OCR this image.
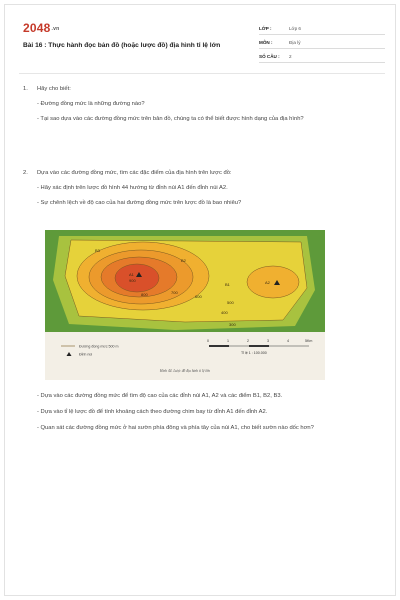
2048.vn
Bài 16 : Thực hành đọc bản đồ (hoặc lược đồ) địa hình tỉ lệ lớn
LỚP :	Lớp 6
MÔN :	Địa lý
SỐ CÂU : 2
1. Hãy cho biết:
- Đường đồng mức là những đường nào?
- Tại sao dựa vào các đường đồng mức trên bản đồ, chúng ta có thể biết được hình dạng của địa hình?
2. Dựa vào các đường đồng mức, tìm các đặc điểm của địa hình trên lược đồ:
- Hãy xác định trên lược đồ hình 44 hướng từ đỉnh núi A1 đến đỉnh núi A2.
- Sự chênh lệch về độ cao của hai đường đồng mức trên lược đồ là bao nhiêu?
A1
A2
B3
B2
B1
900
800	700
600
500
400
300
Đường đồng mức 500 m
Đỉnh núi
0	1	2	3	4	5Km
Tỉ lệ 1 : 100.000
Hình 44. Lược đồ địa hình tỉ lệ lớn
- Dựa vào các đường đồng mức để tìm độ cao của các đỉnh núi A1, A2 và các điểm B1, B2, B3.
- Dựa vào tỉ lệ lược đồ để tính khoảng cách theo đường chim bay từ đỉnh A1 đến đỉnh A2.
- Quan sát các đường đồng mức ở hai sườn phía đông và phía tây của núi A1, cho biết sườn nào dốc hơn?
